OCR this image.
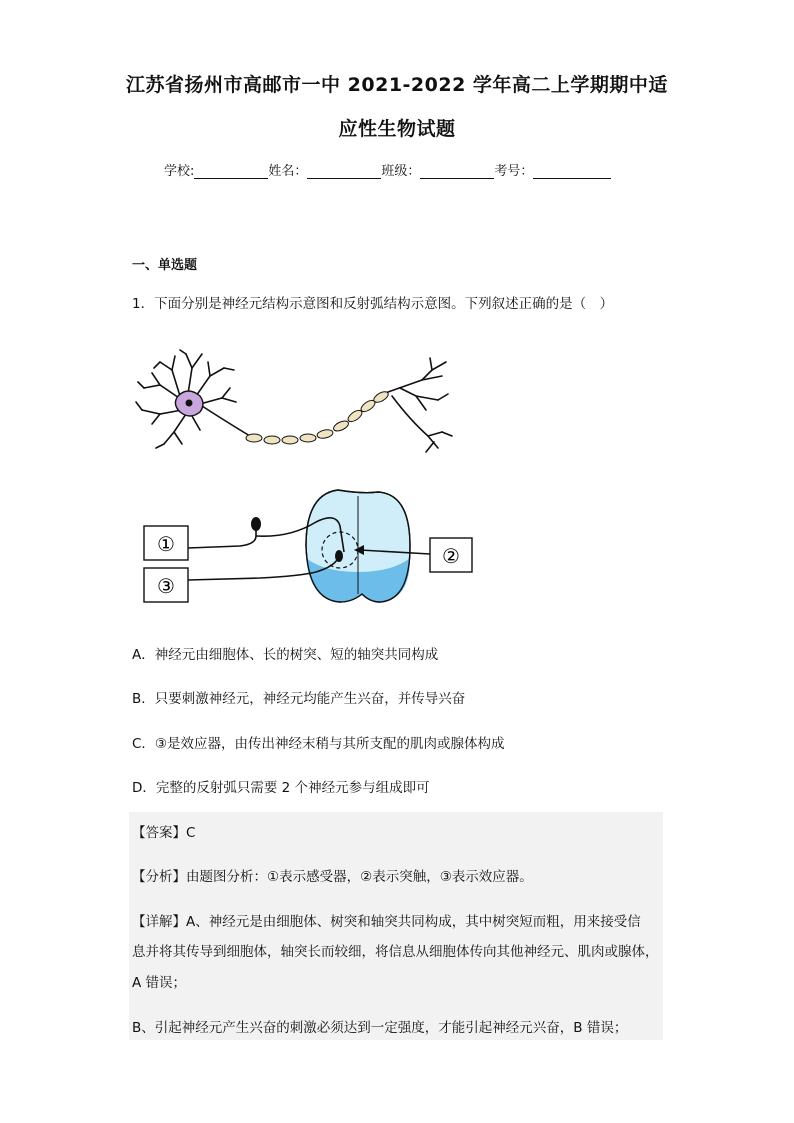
江苏省扬州市高邮市一中 2021-2022 学年高二上学期期中适
应性生物试题
学校:	姓名：	班级：	考号：
一、单选题
1．下面分别是神经元结构示意图和反射弧结构示意图。下列叙述正确的是（　）
①
③
②
A．神经元由细胞体、长的树突、短的轴突共同构成
B．只要刺激神经元，神经元均能产生兴奋，并传导兴奋
C．③是效应器，由传出神经末稍与其所支配的肌肉或腺体构成
D．完整的反射弧只需要 2 个神经元参与组成即可
【答案】C
【分析】由题图分析：①表示感受器，②表示突触，③表示效应器。
【详解】A、神经元是由细胞体、树突和轴突共同构成，其中树突短而粗，用来接受信
息并将其传导到细胞体，轴突长而较细，将信息从细胞体传向其他神经元、肌肉或腺体，
A 错误；
B、引起神经元产生兴奋的刺激必须达到一定强度，才能引起神经元兴奋，B 错误；
